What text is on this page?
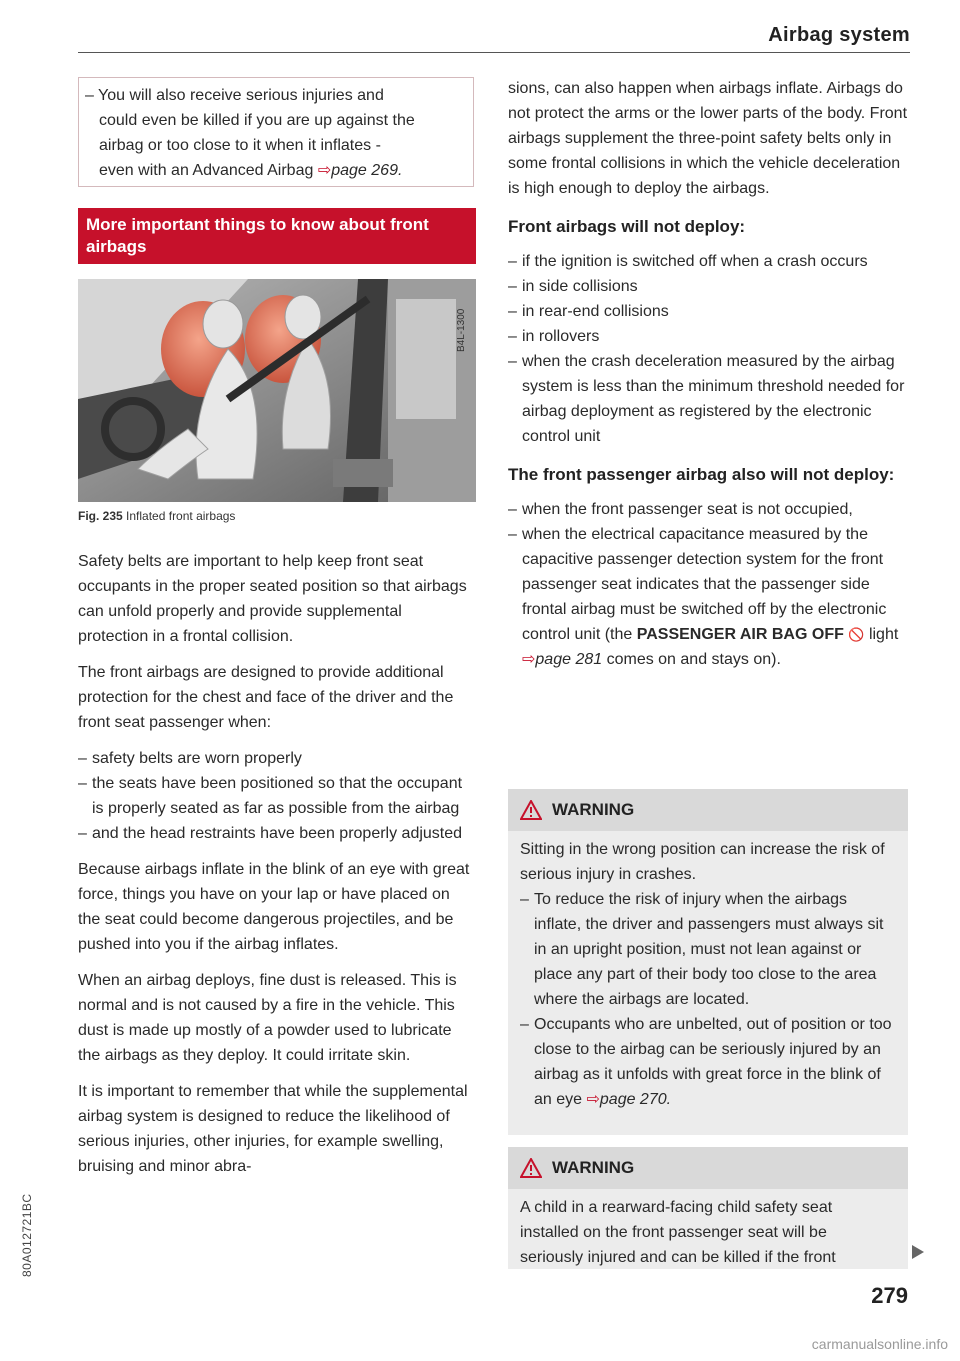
Airbag system
– You will also receive serious injuries and
could even be killed if you are up against the
airbag or too close to it when it inflates -
even with an Advanced Airbag ⇨page 269.
More important things to know about front airbags
B4L-1300
Fig. 235 Inflated front airbags

Safety belts are important to help keep front seat occupants in the proper seated position so that airbags can unfold properly and provide supplemental protection in a frontal collision.

The front airbags are designed to provide additional protection for the chest and face of the driver and the front seat passenger when:

– safety belts are worn properly
– the seats have been positioned so that the occupant is properly seated as far as possible from the airbag
– and the head restraints have been properly adjusted

Because airbags inflate in the blink of an eye with great force, things you have on your lap or have placed on the seat could become dangerous projectiles, and be pushed into you if the airbag inflates.

When an airbag deploys, fine dust is released. This is normal and is not caused by a fire in the vehicle. This dust is made up mostly of a powder used to lubricate the airbags as they deploy. It could irritate skin.

It is important to remember that while the supplemental airbag system is designed to reduce the likelihood of serious injuries, other injuries, for example swelling, bruising and minor abra-

80A012721BC

sions, can also happen when airbags inflate. Airbags do not protect the arms or the lower parts of the body. Front airbags supplement the three-point safety belts only in some frontal collisions in which the vehicle deceleration is high enough to deploy the airbags.

Front airbags will not deploy:

– if the ignition is switched off when a crash occurs
– in side collisions
– in rear-end collisions
– in rollovers
– when the crash deceleration measured by the airbag system is less than the minimum threshold needed for airbag deployment as registered by the electronic control unit

The front passenger airbag also will not deploy:

– when the front passenger seat is not occupied,
– when the electrical capacitance measured by the capacitive passenger detection system for the front passenger seat indicates that the passenger side frontal airbag must be switched off by the electronic control unit (the PASSENGER AIR BAG OFF 🚫 light ⇨page 281 comes on and stays on).
WARNING

Sitting in the wrong position can increase the risk of serious injury in crashes.

– To reduce the risk of injury when the airbags inflate, the driver and passengers must always sit in an upright position, must not lean against or place any part of their body too close to the area where the airbags are located.
– Occupants who are unbelted, out of position or too close to the airbag can be seriously injured by an airbag as it unfolds with great force in the blink of an eye ⇨page 270.
WARNING

A child in a rearward-facing child safety seat installed on the front passenger seat will be seriously injured and can be killed if the front

279
carmanualsonline.info
